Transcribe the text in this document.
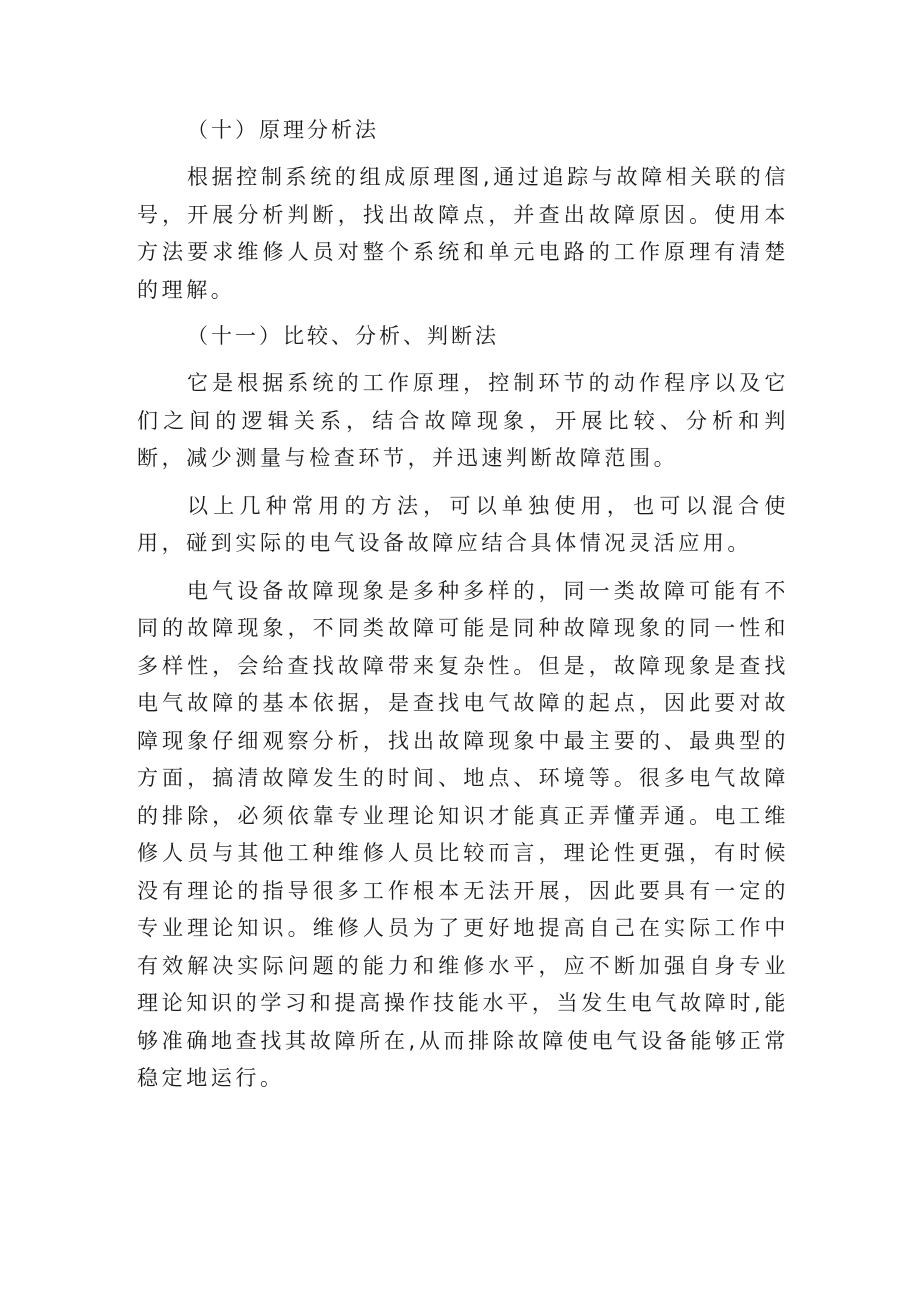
（十）原理分析法

根据控制系统的组成原理图,通过追踪与故障相关联的信号，开展分析判断，找出故障点，并查出故障原因。使用本方法要求维修人员对整个系统和单元电路的工作原理有清楚的理解。

（十一）比较、分析、判断法

它是根据系统的工作原理，控制环节的动作程序以及它们之间的逻辑关系，结合故障现象，开展比较、分析和判断，减少测量与检查环节，并迅速判断故障范围。

以上几种常用的方法，可以单独使用，也可以混合使用，碰到实际的电气设备故障应结合具体情况灵活应用。

电气设备故障现象是多种多样的，同一类故障可能有不同的故障现象，不同类故障可能是同种故障现象的同一性和多样性，会给查找故障带来复杂性。但是，故障现象是查找电气故障的基本依据，是查找电气故障的起点，因此要对故障现象仔细观察分析，找出故障现象中最主要的、最典型的方面，搞清故障发生的时间、地点、环境等。很多电气故障的排除，必须依靠专业理论知识才能真正弄懂弄通。电工维修人员与其他工种维修人员比较而言，理论性更强，有时候没有理论的指导很多工作根本无法开展，因此要具有一定的专业理论知识。维修人员为了更好地提高自己在实际工作中有效解决实际问题的能力和维修水平，应不断加强自身专业理论知识的学习和提高操作技能水平，当发生电气故障时,能够准确地查找其故障所在,从而排除故障使电气设备能够正常稳定地运行。
